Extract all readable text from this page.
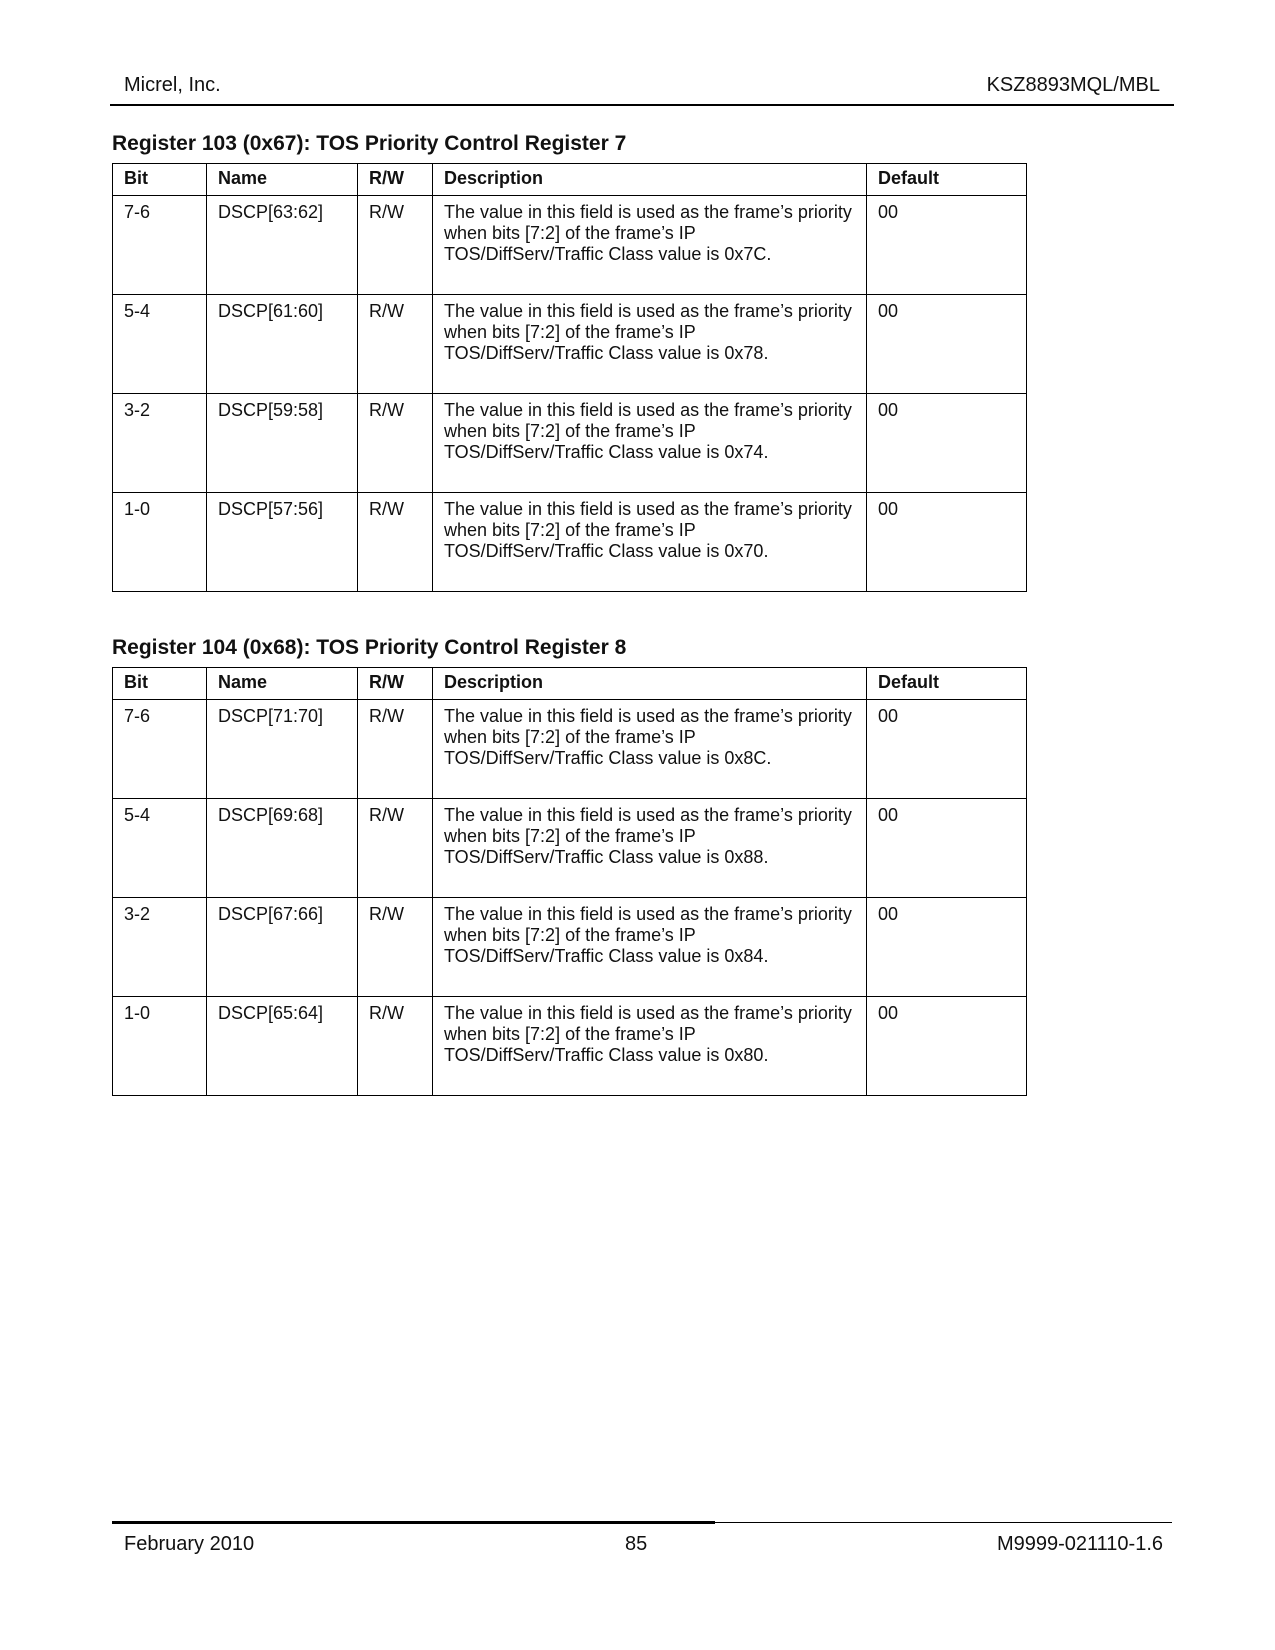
Micrel, Inc.	KSZ8893MQL/MBL
Register 103 (0x67): TOS Priority Control Register 7
Bit	Name	R/W	Description	Default
7-6	DSCP[63:62]	R/W	The value in this field is used as the frame’s priority when bits [7:2] of the frame’s IP TOS/DiffServ/Traffic Class value is 0x7C.	00
5-4	DSCP[61:60]	R/W	The value in this field is used as the frame’s priority when bits [7:2] of the frame’s IP TOS/DiffServ/Traffic Class value is 0x78.	00
3-2	DSCP[59:58]	R/W	The value in this field is used as the frame’s priority when bits [7:2] of the frame’s IP TOS/DiffServ/Traffic Class value is 0x74.	00
1-0	DSCP[57:56]	R/W	The value in this field is used as the frame’s priority when bits [7:2] of the frame’s IP TOS/DiffServ/Traffic Class value is 0x70.	00
Register 104 (0x68): TOS Priority Control Register 8
Bit	Name	R/W	Description	Default
7-6	DSCP[71:70]	R/W	The value in this field is used as the frame’s priority when bits [7:2] of the frame’s IP TOS/DiffServ/Traffic Class value is 0x8C.	00
5-4	DSCP[69:68]	R/W	The value in this field is used as the frame’s priority when bits [7:2] of the frame’s IP TOS/DiffServ/Traffic Class value is 0x88.	00
3-2	DSCP[67:66]	R/W	The value in this field is used as the frame’s priority when bits [7:2] of the frame’s IP TOS/DiffServ/Traffic Class value is 0x84.	00
1-0	DSCP[65:64]	R/W	The value in this field is used as the frame’s priority when bits [7:2] of the frame’s IP TOS/DiffServ/Traffic Class value is 0x80.	00
February 2010	85	M9999-021110-1.6
